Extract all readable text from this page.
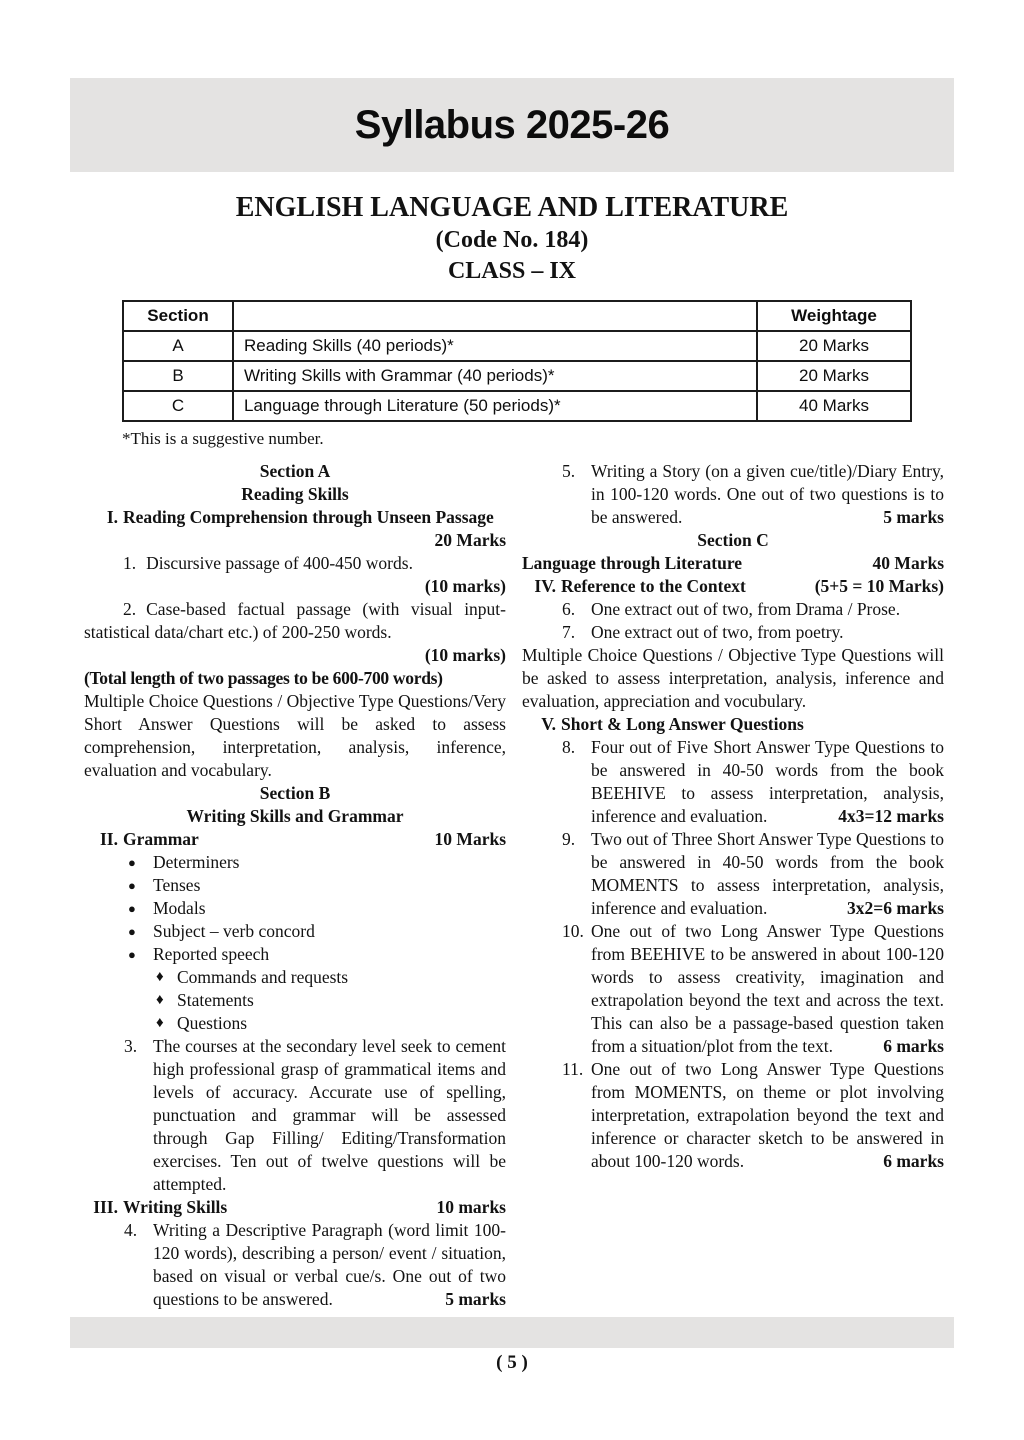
Syllabus 2025-26
ENGLISH LANGUAGE AND LITERATURE
(Code No. 184)
CLASS – IX
Section		Weightage
A	Reading Skills (40 periods)*	20 Marks
B	Writing Skills with Grammar (40 periods)*	20 Marks
C	Language through Literature (50 periods)*	40 Marks
*This is a suggestive number.
Section A
Reading Skills
I. Reading Comprehension through Unseen Passage
20 Marks
1. Discursive passage of 400-450 words.
(10 marks)
2. Case-based factual passage (with visual input- statistical data/chart etc.) of 200-250 words.
(10 marks)
(Total length of two passages to be 600-700 words)
Multiple Choice Questions / Objective Type Questions/Very Short Answer Questions will be asked to assess comprehension, interpretation, analysis, inference, evaluation and vocabulary.
Section B
Writing Skills and Grammar
II. Grammar	10 Marks
● Determiners
● Tenses
● Modals
● Subject – verb concord
● Reported speech
♦ Commands and requests
♦ Statements
♦ Questions
3. The courses at the secondary level seek to cement high professional grasp of grammatical items and levels of accuracy. Accurate use of spelling, punctuation and grammar will be assessed through Gap Filling/ Editing/Transformation exercises. Ten out of twelve questions will be attempted.
III. Writing Skills	10 marks
4. Writing a Descriptive Paragraph (word limit 100-120 words), describing a person/ event / situation, based on visual or verbal cue/s. One out of two questions to be answered.	5 marks
5. Writing a Story (on a given cue/title)/Diary Entry, in 100-120 words. One out of two questions is to be answered.	5 marks
Section C
Language through Literature	40 Marks
IV. Reference to the Context	(5+5 = 10 Marks)
6. One extract out of two, from Drama / Prose.
7. One extract out of two, from poetry.
Multiple Choice Questions / Objective Type Questions will be asked to assess interpretation, analysis, inference and evaluation, appreciation and vocubulary.
V. Short & Long Answer Questions
8. Four out of Five Short Answer Type Questions to be answered in 40-50 words from the book BEEHIVE to assess interpretation, analysis, inference and evaluation.	4x3=12 marks
9. Two out of Three Short Answer Type Questions to be answered in 40-50 words from the book MOMENTS to assess interpretation, analysis, inference and evaluation.	3x2=6 marks
10. One out of two Long Answer Type Questions from BEEHIVE to be answered in about 100-120 words to assess creativity, imagination and extrapolation beyond the text and across the text. This can also be a passage-based question taken from a situation/plot from the text.	6 marks
11. One out of two Long Answer Type Questions from MOMENTS, on theme or plot involving interpretation, extrapolation beyond the text and inference or character sketch to be answered in about 100-120 words.	6 marks
( 5 )
